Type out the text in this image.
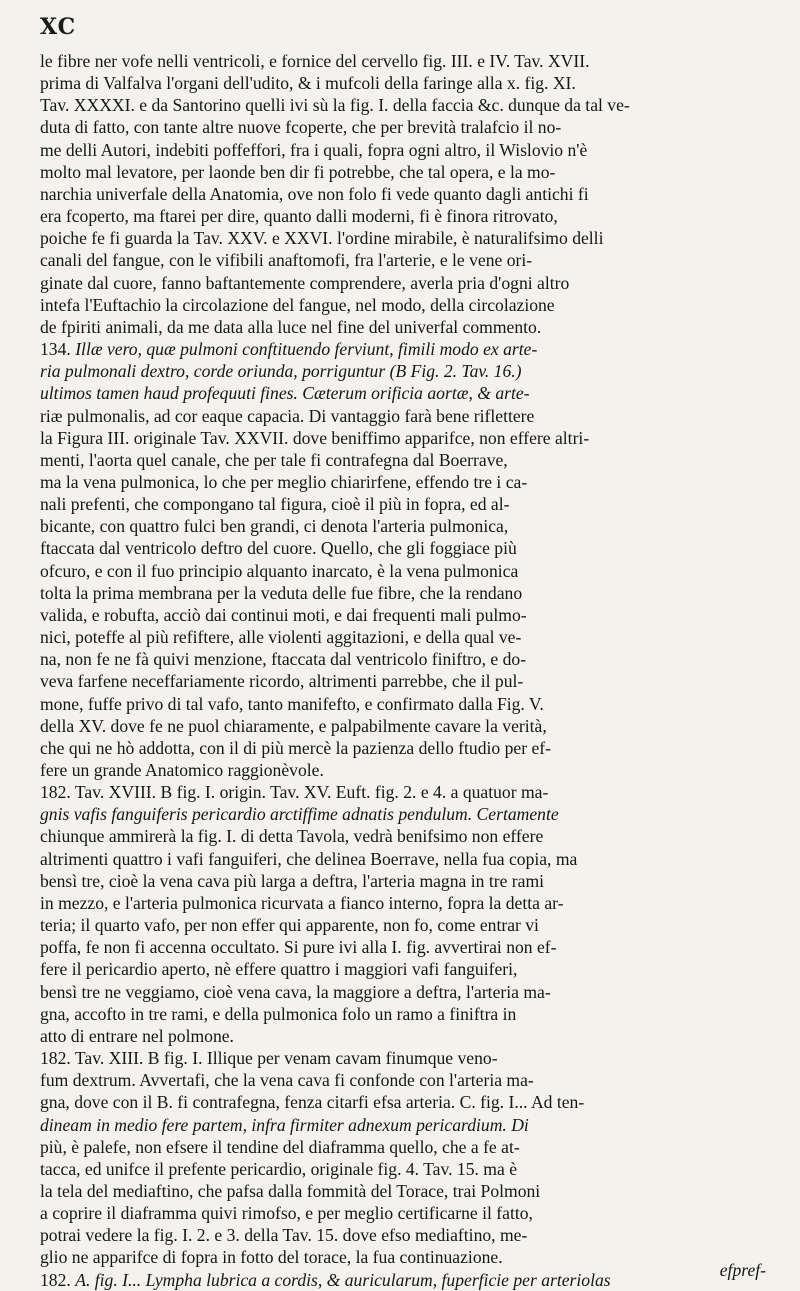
XC
le fibre ner vofe nelli ventricoli, e fornice del cervello fig. III. e IV. Tav. XVII.
prima di Valfalva l'organi dell'udito, & i mufcoli della faringe alla x. fig. XI.
Tav. XXXXI. e da Santorino quelli ivi sù la fig. I. della faccia &c. dunque da tal ve-
duta di fatto, con tante altre nuove fcoperte, che per brevità tralafcio il no-
me delli Autori, indebiti poffeffori, fra i quali, fopra ogni altro, il Wislovio n'è
molto mal levatore, per laonde ben dir fi potrebbe, che tal opera, e la mo-
narchia univerfale della Anatomia, ove non folo fi vede quanto dagli antichi fi
era fcoperto, ma ftarei per dire, quanto dalli moderni, fi è finora ritrovato,
poiche fe fi guarda la Tav. XXV. e XXVI. l'ordine mirabile, è naturalifsimo delli
canali del fangue, con le vifibili anaftomofi, fra l'arterie, e le vene ori-
ginate dal cuore, fanno baftantemente comprendere, averla pria d'ogni altro
intefa l'Euftachio la circolazione del fangue, nel modo, della circolazione
de fpiriti animali, da me data alla luce nel fine del univerfal commento.
134. Illæ vero, quæ pulmoni conftituendo ferviunt, fimili modo ex arte-
ria pulmonali dextro, corde oriunda, porriguntur (B Fig. 2. Tav. 16.)
ultimos tamen haud profequuti fines. Cæterum orificia aortæ, & arte-
riæ pulmonalis, ad cor eaque capacia. Di vantaggio farà bene riflettere
la Figura III. originale Tav. XXVII. dove beniffimo apparifce, non effere altri-
menti, l'aorta quel canale, che per tale fi contrafegna dal Boerrave,
ma la vena pulmonica, lo che per meglio chiarirfene, effendo tre i ca-
nali prefenti, che compongano tal figura, cioè il più in fopra, ed al-
bicante, con quattro fulci ben grandi, ci denota l'arteria pulmonica,
ftaccata dal ventricolo deftro del cuore. Quello, che gli foggiace più
ofcuro, e con il fuo principio alquanto inarcato, è la vena pulmonica
tolta la prima membrana per la veduta delle fue fibre, che la rendano
valida, e robufta, acciò dai continui moti, e dai frequenti mali pulmo-
nici, poteffe al più refiftere, alle violenti aggitazioni, e della qual ve-
na, non fe ne fà quivi menzione, ftaccata dal ventricolo finiftro, e do-
veva farfene neceffariamente ricordo, altrimenti parrebbe, che il pul-
mone, fuffe privo di tal vafo, tanto manifefto, e confirmato dalla Fig. V.
della XV. dove fe ne puol chiaramente, e palpabilmente cavare la verità,
che qui ne hò addotta, con il di più mercè la pazienza dello ftudio per ef-
fere un grande Anatomico raggionèvole.
182. Tav. XVIII. B fig. I. origin. Tav. XV. Euft. fig. 2. e 4. a quatuor ma-
gnis vafis fanguiferis pericardio arctiffime adnatis pendulum. Certamente
chiunque ammirerà la fig. I. di detta Tavola, vedrà benifsimo non effere
altrimenti quattro i vafi fanguiferi, che delinea Boerrave, nella fua copia, ma
bensì tre, cioè la vena cava più larga a deftra, l'arteria magna in tre rami
in mezzo, e l'arteria pulmonica ricurvata a fianco interno, fopra la detta ar-
teria; il quarto vafo, per non effer qui apparente, non fo, come entrar vi
poffa, fe non fi accenna occultato. Si pure ivi alla I. fig. avvertirai non ef-
fere il pericardio aperto, nè effere quattro i maggiori vafi fanguiferi,
bensì tre ne veggiamo, cioè vena cava, la maggiore a deftra, l'arteria ma-
gna, accofto in tre rami, e della pulmonica folo un ramo a finiftra in
atto di entrare nel polmone.
182. Tav. XIII. B fig. I. Illique per venam cavam finumque veno-
fum dextrum. Avvertafi, che la vena cava fi confonde con l'arteria ma-
gna, dove con il B. fi contrafegna, fenza citarfi efsa arteria. C. fig. I... Ad ten-
dineam in medio fere partem, infra firmiter adnexum pericardium. Di
più, è palefe, non efsere il tendine del diaframma quello, che a fe at-
tacca, ed unifce il prefente pericardio, originale fig. 4. Tav. 15. ma è
la tela del mediaftino, che pafsa dalla fommità del Torace, trai Polmoni
a coprire il diaframma quivi rimofso, e per meglio certificarne il fatto,
potrai vedere la fig. I. 2. e 3. della Tav. 15. dove efso mediaftino, me-
glio ne apparifce di fopra in fotto del torace, la fua continuazione.
182. A. fig. I... Lympha lubrica a cordis, & auricularum, fuperficie per arteriolas	efpref-
